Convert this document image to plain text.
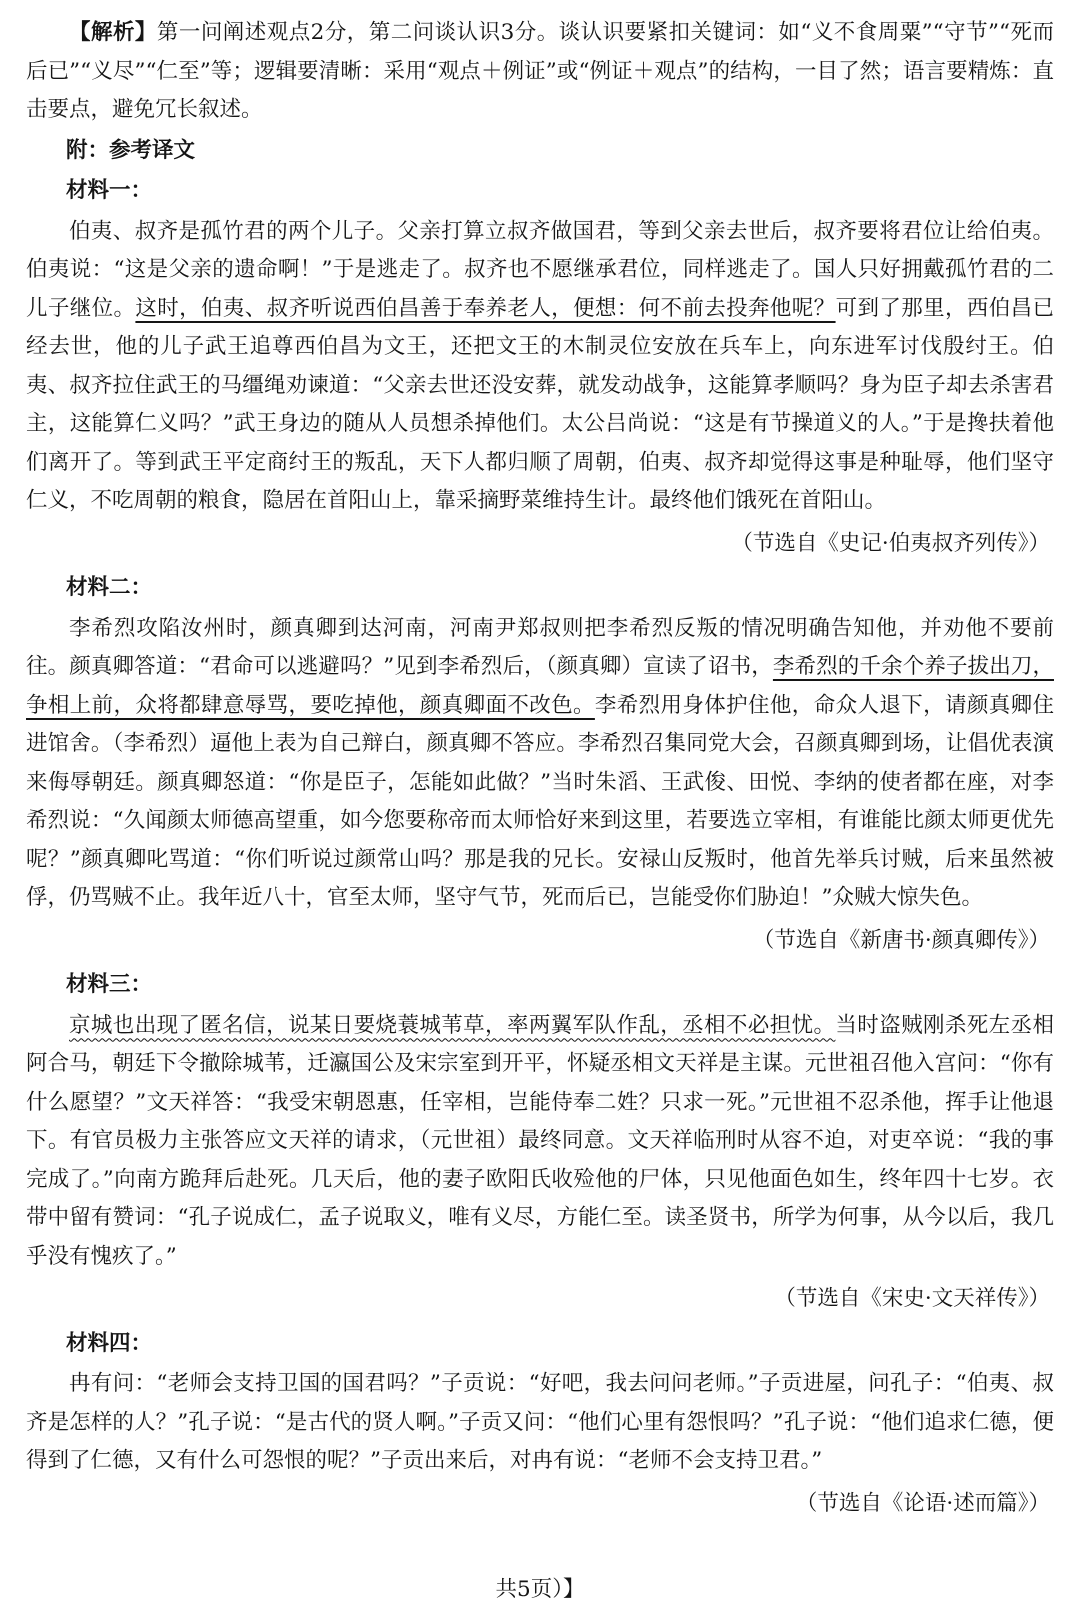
【解析】第一问阐述观点2分，第二问谈认识3分。谈认识要紧扣关键词：如“义不食周粟”“守节”“死而后已”“义尽”“仁至”等；逻辑要清晰：采用“观点＋例证”或“例证＋观点”的结构，一目了然；语言要精炼：直击要点，避免冗长叙述。

附：参考译文

材料一：

伯夷、叔齐是孤竹君的两个儿子。父亲打算立叔齐做国君，等到父亲去世后，叔齐要将君位让给伯夷。伯夷说：“这是父亲的遗命啊！”于是逃走了。叔齐也不愿继承君位，同样逃走了。国人只好拥戴孤竹君的二儿子继位。这时，伯夷、叔齐听说西伯昌善于奉养老人，便想：何不前去投奔他呢？可到了那里，西伯昌已经去世，他的儿子武王追尊西伯昌为文王，还把文王的木制灵位安放在兵车上，向东进军讨伐殷纣王。伯夷、叔齐拉住武王的马缰绳劝谏道：“父亲去世还没安葬，就发动战争，这能算孝顺吗？身为臣子却去杀害君主，这能算仁义吗？”武王身边的随从人员想杀掉他们。太公吕尚说：“这是有节操道义的人。”于是搀扶着他们离开了。等到武王平定商纣王的叛乱，天下人都归顺了周朝，伯夷、叔齐却觉得这事是种耻辱，他们坚守仁义，不吃周朝的粮食，隐居在首阳山上，靠采摘野菜维持生计。最终他们饿死在首阳山。

（节选自《史记·伯夷叔齐列传》）

材料二：

李希烈攻陷汝州时，颜真卿到达河南，河南尹郑叔则把李希烈反叛的情况明确告知他，并劝他不要前往。颜真卿答道：“君命可以逃避吗？”见到李希烈后，（颜真卿）宣读了诏书，李希烈的千余个养子拔出刀，争相上前，众将都肆意辱骂，要吃掉他，颜真卿面不改色。李希烈用身体护住他，命众人退下，请颜真卿住进馆舍。（李希烈）逼他上表为自己辩白，颜真卿不答应。李希烈召集同党大会，召颜真卿到场，让倡优表演来侮辱朝廷。颜真卿怒道：“你是臣子，怎能如此做？”当时朱滔、王武俊、田悦、李纳的使者都在座，对李希烈说：“久闻颜太师德高望重，如今您要称帝而太师恰好来到这里，若要选立宰相，有谁能比颜太师更优先呢？”颜真卿叱骂道：“你们听说过颜常山吗？那是我的兄长。安禄山反叛时，他首先举兵讨贼，后来虽然被俘，仍骂贼不止。我年近八十，官至太师，坚守气节，死而后已，岂能受你们胁迫！”众贼大惊失色。

（节选自《新唐书·颜真卿传》）

材料三：

京城也出现了匿名信，说某日要烧蓑城苇草，率两翼军队作乱，丞相不必担忧。当时盗贼刚杀死左丞相阿合马，朝廷下令撤除城苇，迁瀛国公及宋宗室到开平，怀疑丞相文天祥是主谋。元世祖召他入宫问：“你有什么愿望？”文天祥答：“我受宋朝恩惠，任宰相，岂能侍奉二姓？只求一死。”元世祖不忍杀他，挥手让他退下。有官员极力主张答应文天祥的请求，（元世祖）最终同意。文天祥临刑时从容不迫，对吏卒说：“我的事完成了。”向南方跪拜后赴死。几天后，他的妻子欧阳氏收殓他的尸体，只见他面色如生，终年四十七岁。衣带中留有赞词：“孔子说成仁，孟子说取义，唯有义尽，方能仁至。读圣贤书，所学为何事，从今以后，我几乎没有愧疚了。”

（节选自《宋史·文天祥传》）

材料四：

冉有问：“老师会支持卫国的国君吗？”子贡说：“好吧，我去问问老师。”子贡进屋，问孔子：“伯夷、叔齐是怎样的人？”孔子说：“是古代的贤人啊。”子贡又问：“他们心里有怨恨吗？”孔子说：“他们追求仁德，便得到了仁德，又有什么可怨恨的呢？”子贡出来后，对冉有说：“老师不会支持卫君。”

（节选自《论语·述而篇》）

共5页）】
